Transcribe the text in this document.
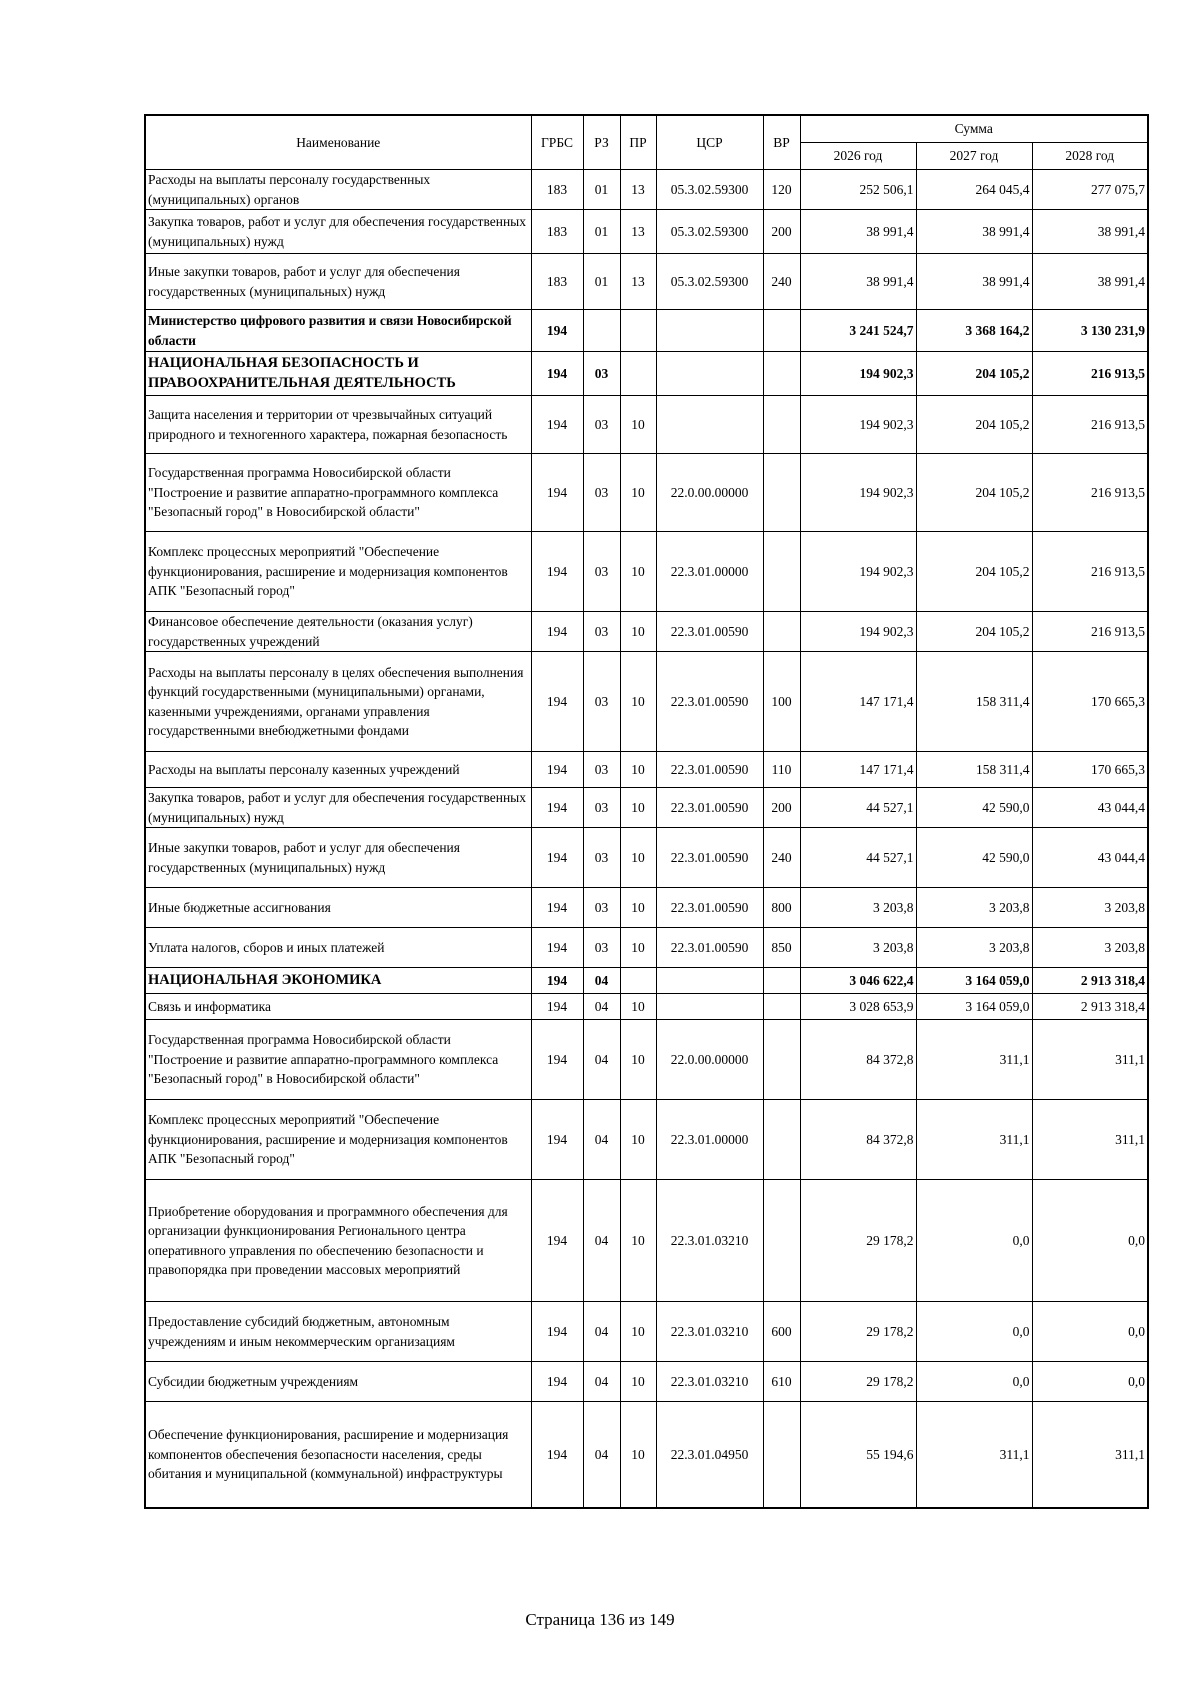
Наименование	ГРБС	РЗ	ПР	ЦСР	ВР	Сумма		
						2026 год	2027 год	2028 год
Расходы на выплаты персоналу государственных (муниципальных) органов	183	01	13	05.3.02.59300	120	252 506,1	264 045,4	277 075,7
Закупка товаров, работ и услуг для обеспечения государственных (муниципальных) нужд	183	01	13	05.3.02.59300	200	38 991,4	38 991,4	38 991,4
Иные закупки товаров, работ и услуг для обеспечения государственных (муниципальных) нужд	183	01	13	05.3.02.59300	240	38 991,4	38 991,4	38 991,4
Министерство цифрового развития и связи Новосибирской области	194					3 241 524,7	3 368 164,2	3 130 231,9
НАЦИОНАЛЬНАЯ БЕЗОПАСНОСТЬ И ПРАВООХРАНИТЕЛЬНАЯ ДЕЯТЕЛЬНОСТЬ	194	03				194 902,3	204 105,2	216 913,5
Защита населения и территории от чрезвычайных ситуаций природного и техногенного характера, пожарная безопасность	194	03	10			194 902,3	204 105,2	216 913,5
Государственная программа Новосибирской области "Построение и развитие аппаратно-программного комплекса "Безопасный город" в Новосибирской области"	194	03	10	22.0.00.00000		194 902,3	204 105,2	216 913,5
Комплекс процессных мероприятий "Обеспечение функционирования, расширение и модернизация компонентов АПК "Безопасный город"	194	03	10	22.3.01.00000		194 902,3	204 105,2	216 913,5
Финансовое обеспечение деятельности (оказания услуг) государственных учреждений	194	03	10	22.3.01.00590		194 902,3	204 105,2	216 913,5
Расходы на выплаты персоналу в целях обеспечения выполнения функций государственными (муниципальными) органами, казенными учреждениями, органами управления государственными внебюджетными фондами	194	03	10	22.3.01.00590	100	147 171,4	158 311,4	170 665,3
Расходы на выплаты персоналу казенных учреждений	194	03	10	22.3.01.00590	110	147 171,4	158 311,4	170 665,3
Закупка товаров, работ и услуг для обеспечения государственных (муниципальных) нужд	194	03	10	22.3.01.00590	200	44 527,1	42 590,0	43 044,4
Иные закупки товаров, работ и услуг для обеспечения государственных (муниципальных) нужд	194	03	10	22.3.01.00590	240	44 527,1	42 590,0	43 044,4
Иные бюджетные ассигнования	194	03	10	22.3.01.00590	800	3 203,8	3 203,8	3 203,8
Уплата налогов, сборов и иных платежей	194	03	10	22.3.01.00590	850	3 203,8	3 203,8	3 203,8
НАЦИОНАЛЬНАЯ ЭКОНОМИКА	194	04				3 046 622,4	3 164 059,0	2 913 318,4
Связь и информатика	194	04	10			3 028 653,9	3 164 059,0	2 913 318,4
Государственная программа Новосибирской области "Построение и развитие аппаратно-программного комплекса "Безопасный город" в Новосибирской области"	194	04	10	22.0.00.00000		84 372,8	311,1	311,1
Комплекс процессных мероприятий "Обеспечение функционирования, расширение и модернизация компонентов АПК "Безопасный город"	194	04	10	22.3.01.00000		84 372,8	311,1	311,1
Приобретение оборудования и программного обеспечения для организации функционирования Регионального центра оперативного управления по обеспечению безопасности и правопорядка при проведении массовых мероприятий	194	04	10	22.3.01.03210		29 178,2	0,0	0,0
Предоставление субсидий бюджетным, автономным учреждениям и иным некоммерческим организациям	194	04	10	22.3.01.03210	600	29 178,2	0,0	0,0
Субсидии бюджетным учреждениям	194	04	10	22.3.01.03210	610	29 178,2	0,0	0,0
Обеспечение функционирования, расширение и модернизация компонентов обеспечения безопасности населения, среды обитания и муниципальной (коммунальной) инфраструктуры	194	04	10	22.3.01.04950		55 194,6	311,1	311,1
Страница 136 из 149
